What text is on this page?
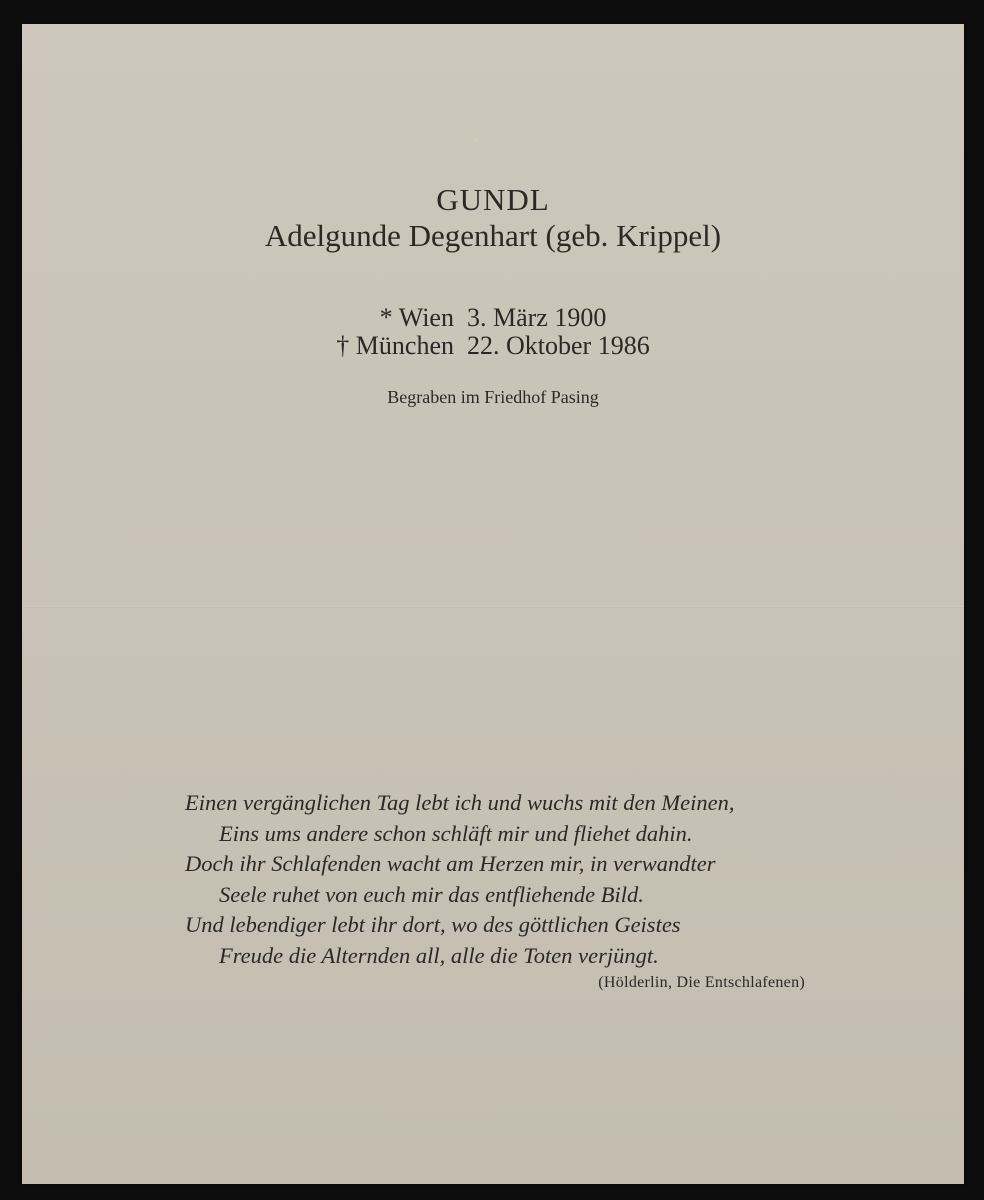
GUNDL
Adelgunde Degenhart (geb. Krippel)
* Wien  3. März 1900
† München  22. Oktober 1986
Begraben im Friedhof Pasing
Einen vergänglichen Tag lebt ich und wuchs mit den Meinen,
Eins ums andere schon schläft mir und fliehet dahin.
Doch ihr Schlafenden wacht am Herzen mir, in verwandter
Seele ruhet von euch mir das entfliehende Bild.
Und lebendiger lebt ihr dort, wo des göttlichen Geistes
Freude die Alternden all, alle die Toten verjüngt.
(Hölderlin, Die Entschlafenen)
